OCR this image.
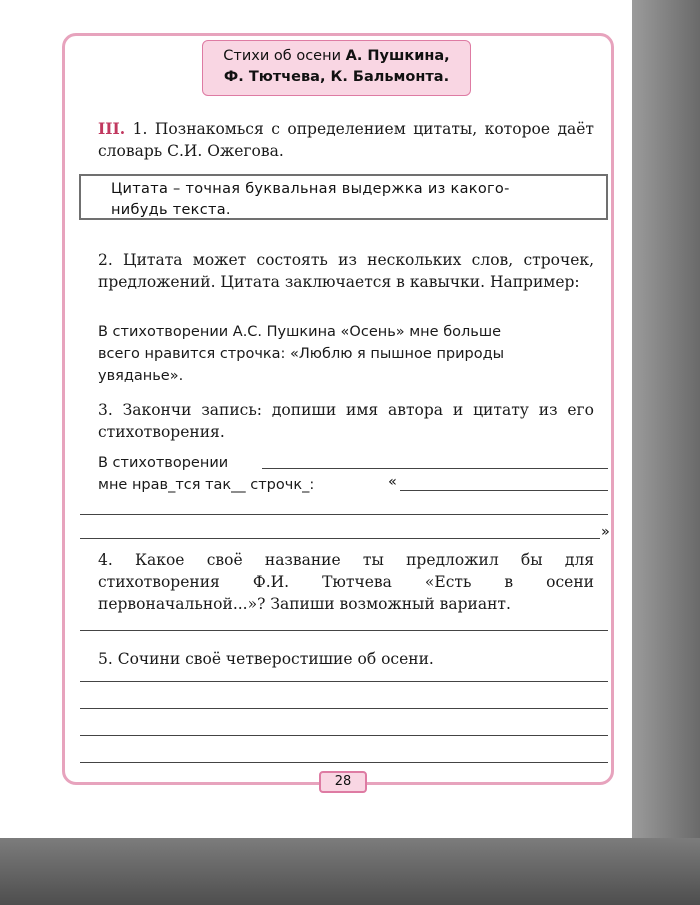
Стихи об осени А. Пушкина,
Ф. Тютчева, К. Бальмонта.
III. 1. Познакомься с определением цитаты, которое даёт словарь С.И. Ожегова.
Цитата – точная буквальная выдержка из какого-
нибудь текста.
2. Цитата может состоять из нескольких слов, строчек, предложений. Цитата заключается в кавычки. Например:
В стихотворении А.С. Пушкина «Осень» мне больше
всего нравится строчка: «Люблю я пышное природы
увяданье».
3. Закончи запись: допиши имя автора и цитату из его стихотворения.
В стихотворении
мне нрав_тся так__ строчк_:	«
»
4. Какое своё название ты предложил бы для стихотворения Ф.И. Тютчева «Есть в осени первоначальной...»? Запиши возможный вариант.
5. Сочини своё четверостишие об осени.
28
